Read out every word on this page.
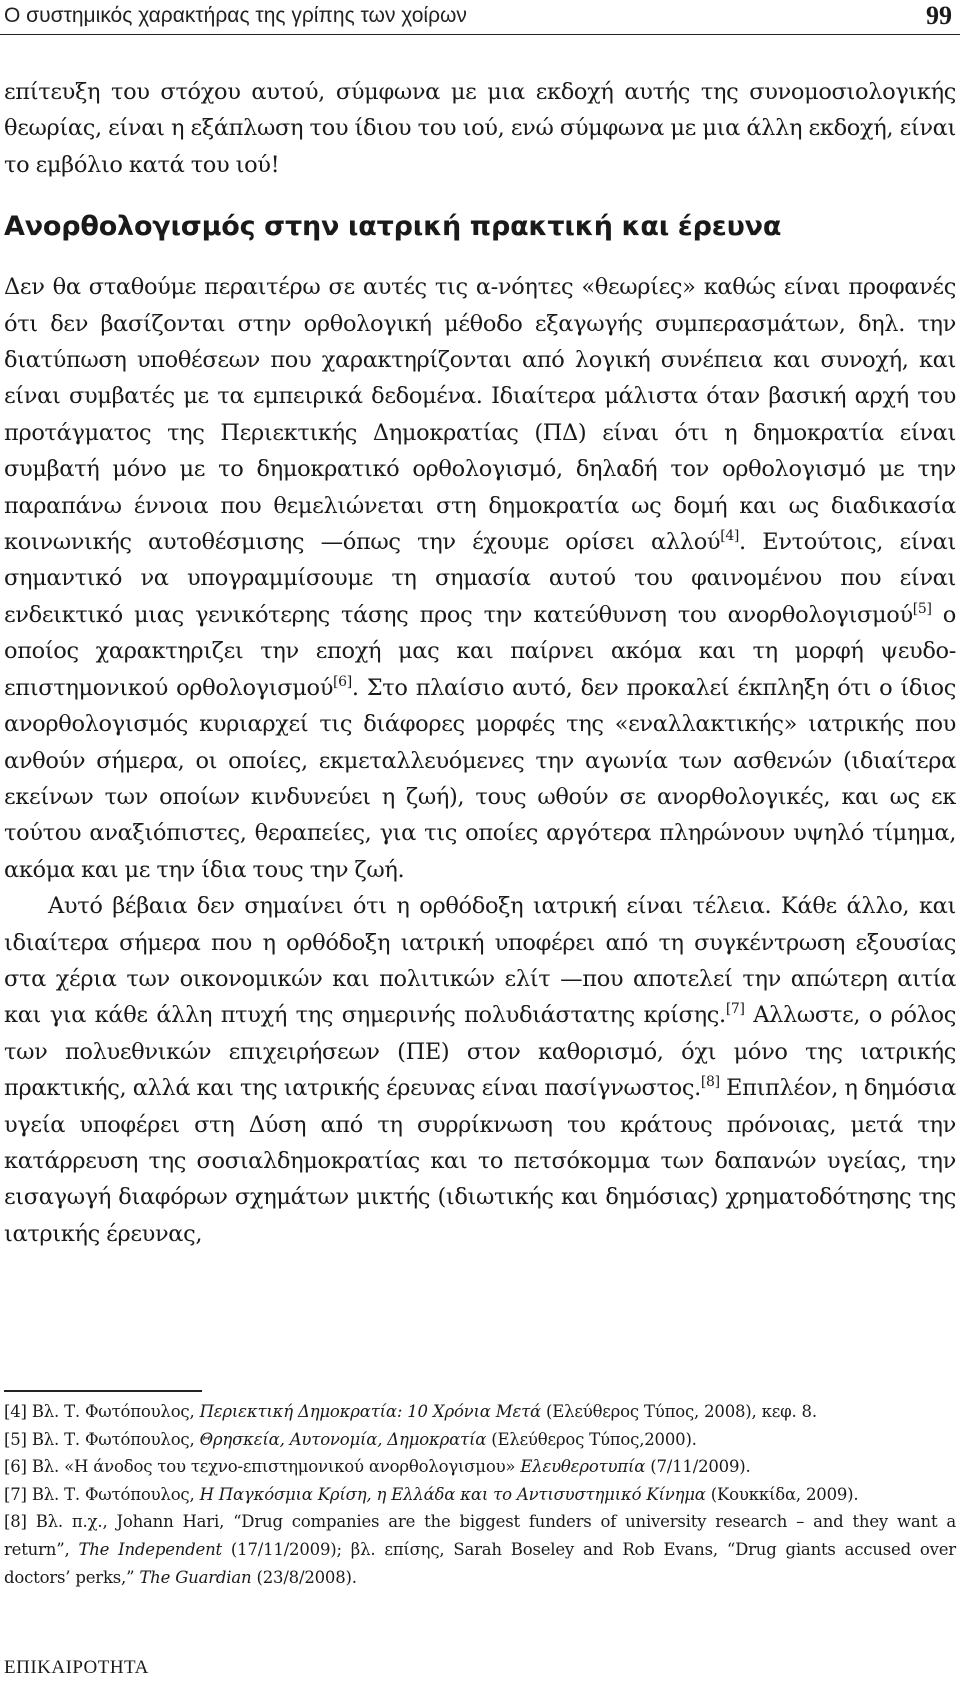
Ο συστημικός χαρακτήρας της γρίπης των χοίρων	99

επίτευξη του στόχου αυτού, σύμφωνα με μια εκδοχή αυτής της συνομοσιολογικής θεωρίας, είναι η εξάπλωση του ίδιου του ιού, ενώ σύμφωνα με μια άλλη εκδοχή, είναι το εμβόλιο κατά του ιού!

Ανορθολογισμός στην ιατρική πρακτική και έρευνα

Δεν θα σταθούμε περαιτέρω σε αυτές τις α-νόητες «θεωρίες» καθώς είναι προφανές ότι δεν βασίζονται στην ορθολογική μέθοδο εξαγωγής συμπερασμάτων, δηλ. την διατύπωση υποθέσεων που χαρακτηρίζονται από λογική συνέπεια και συνοχή, και είναι συμβατές με τα εμπειρικά δεδομένα. Ιδιαίτερα μάλιστα όταν βασική αρχή του προτάγματος της Περιεκτικής Δημοκρατίας (ΠΔ) είναι ότι η δημοκρατία είναι συμβατή μόνο με το δημοκρατικό ορθολογισμό, δηλαδή τον ορθολογισμό με την παραπάνω έννοια που θεμελιώνεται στη δημοκρατία ως δομή και ως διαδικασία κοινωνικής αυτοθέσμισης —όπως την έχουμε ορίσει αλλού[4]. Εντούτοις, είναι σημαντικό να υπογραμμίσουμε τη σημασία αυτού του φαινομένου που είναι ενδεικτικό μιας γενικότερης τάσης προς την κατεύθυνση του ανορθολογισμού[5] ο οποίος χαρακτηριζει την εποχή μας και παίρνει ακόμα και τη μορφή ψευδο-επιστημονικού ορθολογισμού[6]. Στο πλαίσιο αυτό, δεν προκαλεί έκπληξη ότι ο ίδιος ανορθολογισμός κυριαρχεί τις διάφορες μορφές της «εναλλακτικής» ιατρικής που ανθούν σήμερα, οι οποίες, εκμεταλλευόμενες την αγωνία των ασθενών (ιδιαίτερα εκείνων των οποίων κινδυνεύει η ζωή), τους ωθούν σε ανορθολογικές, και ως εκ τούτου αναξιόπιστες, θεραπείες, για τις οποίες αργότερα πληρώνουν υψηλό τίμημα, ακόμα και με την ίδια τους την ζωή.

Αυτό βέβαια δεν σημαίνει ότι η ορθόδοξη ιατρική είναι τέλεια. Κάθε άλλο, και ιδιαίτερα σήμερα που η ορθόδοξη ιατρική υποφέρει από τη συγκέντρωση εξουσίας στα χέρια των οικονομικών και πολιτικών ελίτ —που αποτελεί την απώτερη αιτία και για κάθε άλλη πτυχή της σημερινής πολυδιάστατης κρίσης.[7] Αλλωστε, ο ρόλος των πολυεθνικών επιχειρήσεων (ΠΕ) στον καθορισμό, όχι μόνο της ιατρικής πρακτικής, αλλά και της ιατρικής έρευνας είναι πασίγνωστος.[8] Επιπλέον, η δημόσια υγεία υποφέρει στη Δύση από τη συρρίκνωση του κράτους πρόνοιας, μετά την κατάρρευση της σοσιαλδημοκρατίας και το πετσόκομμα των δαπανών υγείας, την εισαγωγή διαφόρων σχημάτων μικτής (ιδιωτικής και δημόσιας) χρηματοδότησης της ιατρικής έρευνας,

[4] Βλ. Τ. Φωτόπουλος, Περιεκτική Δημοκρατία: 10 Χρόνια Μετά (Ελεύθερος Τύπος, 2008), κεφ. 8.

[5] Βλ. Τ. Φωτόπουλος, Θρησκεία, Αυτονομία, Δημοκρατία (Ελεύθερος Τύπος,2000).

[6] Βλ. «Η άνοδος του τεχνο-επιστημονικού ανορθολογισμου» Ελευθεροτυπία (7/11/2009).

[7] Βλ. Τ. Φωτόπουλος, Η Παγκόσμια Κρίση, η Ελλάδα και το Αντισυστημικό Κίνημα (Κουκκίδα, 2009).

[8] Βλ. π.χ., Johann Hari, “Drug companies are the biggest funders of university research – and they want a return”, The Independent (17/11/2009); βλ. επίσης, Sarah Boseley and Rob Evans, “Drug giants accused over doctors’ perks,” The Guardian (23/8/2008).

ΕΠΙΚΑΙΡΟΤΗΤΑ
